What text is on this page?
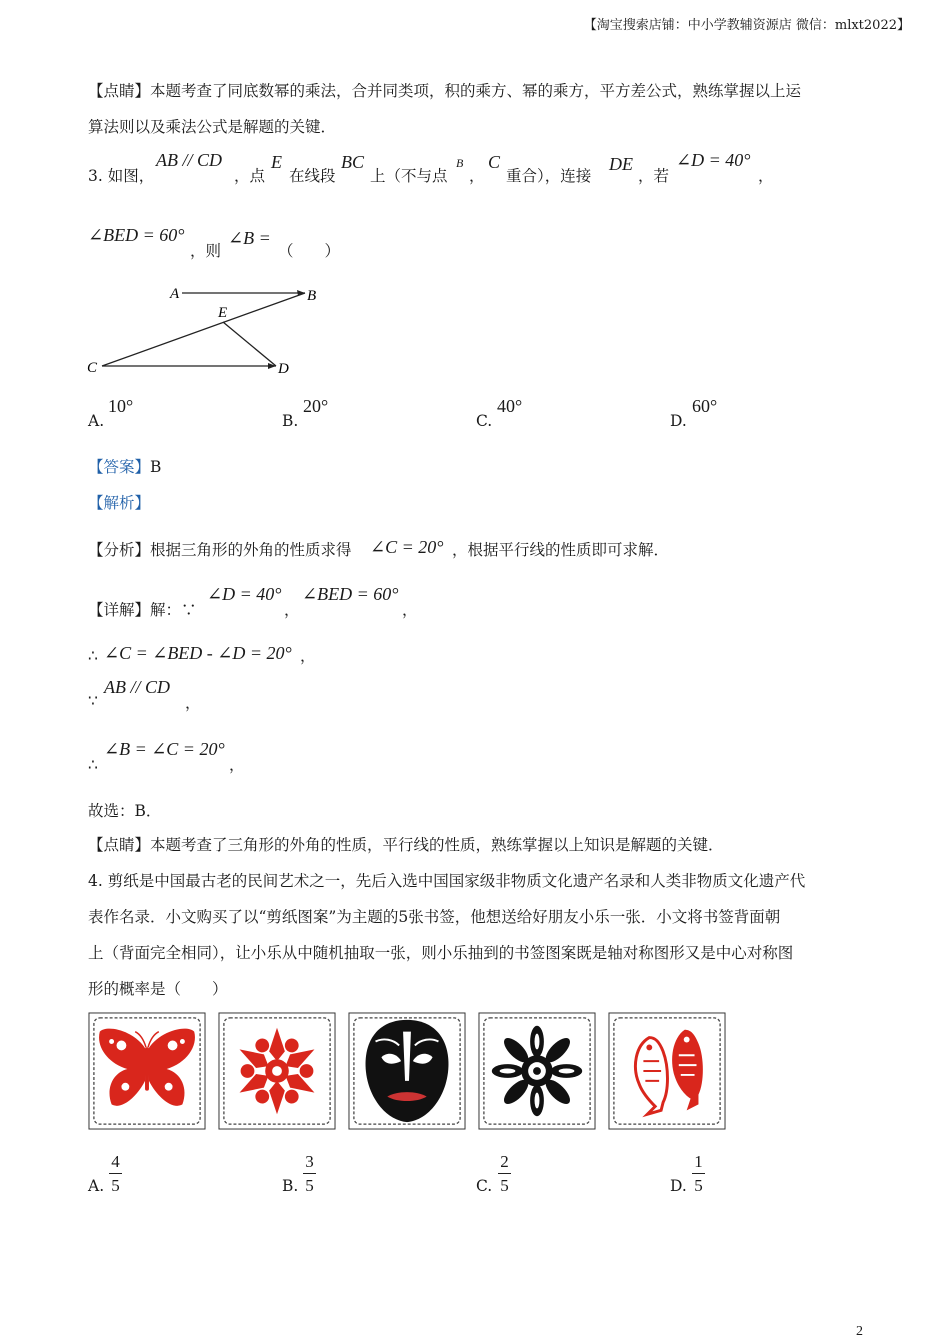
【淘宝搜索店铺：中小学教辅资源店 微信：mlxt2022】
【点睛】本题考查了同底数幂的乘法，合并同类项，积的乘方、幂的乘方，平方差公式，熟练掌握以上运
算法则以及乘法公式是解题的关键．
3. 如图，
AB // CD
，点
E
在线段
BC
上（不与点
B
，
C
重合），连接
DE
，若
∠D = 40°
，
∠BED = 60°
，则
∠B =
（　　）
A	B
E
C	D
A.
10°
B.
20°
C.
40°
D.
60°
【答案】B
【解析】
【分析】根据三角形的外角的性质求得 ∠C = 20° ，根据平行线的性质即可求解．
【详解】解：∵
∠D = 40°
，
∠BED = 60°
，
∴ ∠C = ∠BED - ∠D = 20° ，
∵
AB // CD
，
∴
∠B = ∠C = 20°
，
故选：B．
【点睛】本题考查了三角形的外角的性质，平行线的性质，熟练掌握以上知识是解题的关键．
4. 剪纸是中国最古老的民间艺术之一，先后入选中国国家级非物质文化遗产名录和人类非物质文化遗产代
表作名录．小文购买了以“剪纸图案”为主题的5张书签，他想送给好朋友小乐一张．小文将书签背面朝
上（背面完全相同），让小乐从中随机抽取一张，则小乐抽到的书签图案既是轴对称图形又是中心对称图
形的概率是（　　）
A.
4
5	B.
3
5	C.
2
5	D.
1
5
2
